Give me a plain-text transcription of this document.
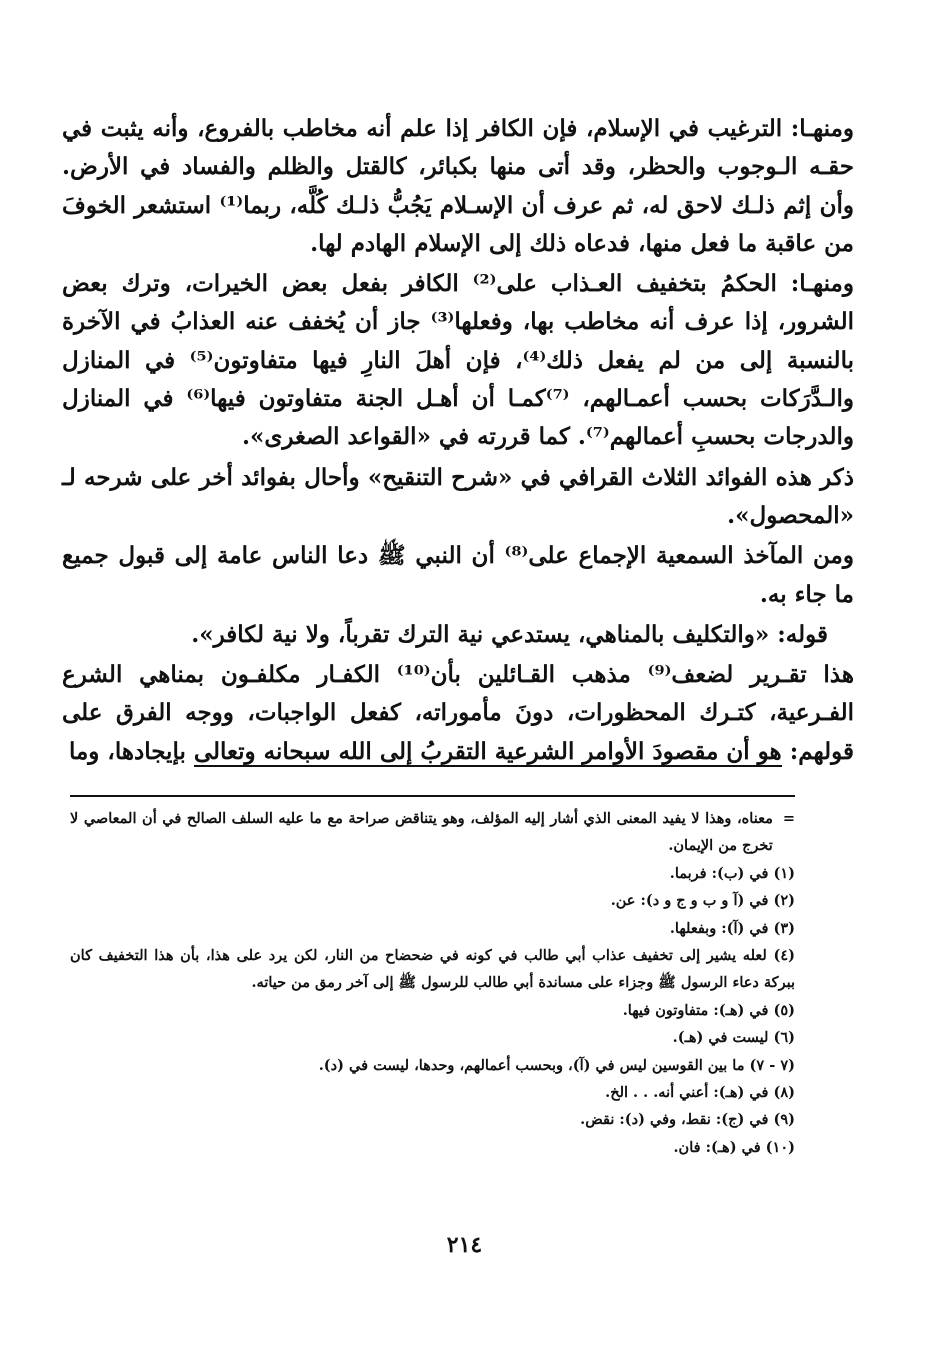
ومنهـا: الترغيب في الإسلام، فإن الكافر إذا علم أنه مخاطب بالفروع، وأنه يثبت في حقـه الـوجوب والحظر، وقد أتى منها بكبائر، كالقتل والظلم والفساد في الأرض. وأن إثم ذلـك لاحق له، ثم عرف أن الإسـلام يَجُبُّ ذلـك كُلَّه، ربما⁽¹⁾ استشعر الخوفَ من عاقبة ما فعل منها، فدعاه ذلك إلى الإسلام الهادم لها.

ومنهـا: الحكمُ بتخفيف العـذاب على⁽²⁾ الكافر بفعل بعض الخيرات، وترك بعض الشرور، إذا عرف أنه مخاطب بها، وفعلها⁽³⁾ جاز أن يُخفف عنه العذابُ في الآخرة بالنسبة إلى من لم يفعل ذلك⁽⁴⁾، فإن أهلَ النارِ فيها متفاوتون⁽⁵⁾ في المنازل والـدَّرَكات بحسب أعمـالهم، ⁽⁷⁾كمـا أن أهـل الجنة متفاوتون فيها⁽⁶⁾ في المنازل والدرجات بحسبِ أعمالهم⁽⁷⁾. كما قررته في «القواعد الصغرى».

ذكر هذه الفوائد الثلاث القرافي في «شرح التنقيح» وأحال بفوائد أخر على شرحه لـ «المحصول».

ومن المآخذ السمعية الإجماع على⁽⁸⁾ أن النبي ﷺ دعا الناس عامة إلى قبول جميع ما جاء به.

قوله: «والتكليف بالمناهي، يستدعي نية الترك تقرباً، ولا نية لكافر».

هذا تقـرير لضعف⁽⁹⁾ مذهب القـائلين بأن⁽¹⁰⁾ الكفـار مكلفـون بمناهي الشرع الفـرعية، كتـرك المحظورات، دونَ مأموراته، كفعل الواجبات، ووجه الفرق على قولهم: هو أن مقصودَ الأوامر الشرعية التقربُ إلى الله سبحانه وتعالى بإيجادها، وما

=
معناه، وهذا لا يفيد المعنى الذي أشار إليه المؤلف، وهو يتناقض صراحة مع ما عليه السلف الصالح في أن المعاصي لا تخرج من الإيمان.

(١) في (ب): فربما.

(٢) في (آ و ب و ج و د): عن.

(٣) في (آ): وبفعلها.

(٤) لعله يشير إلى تخفيف عذاب أبي طالب في كونه في ضحضاح من النار، لكن يرد على هذا، بأن هذا التخفيف كان ببركة دعاء الرسول ﷺ وجزاء على مساندة أبي طالب للرسول ﷺ إلى آخر رمق من حياته.

(٥) في (هـ): متفاوتون فيها.

(٦) ليست في (هـ).

(٧ - ٧) ما بين القوسين ليس في (آ)، وبحسب أعمالهم، وحدها، ليست في (د).

(٨) في (هـ): أعني أنه. . . الخ.

(٩) في (ج): نقط، وفي (د): نقض.

(١٠) في (هـ): فان.

٢١٤
